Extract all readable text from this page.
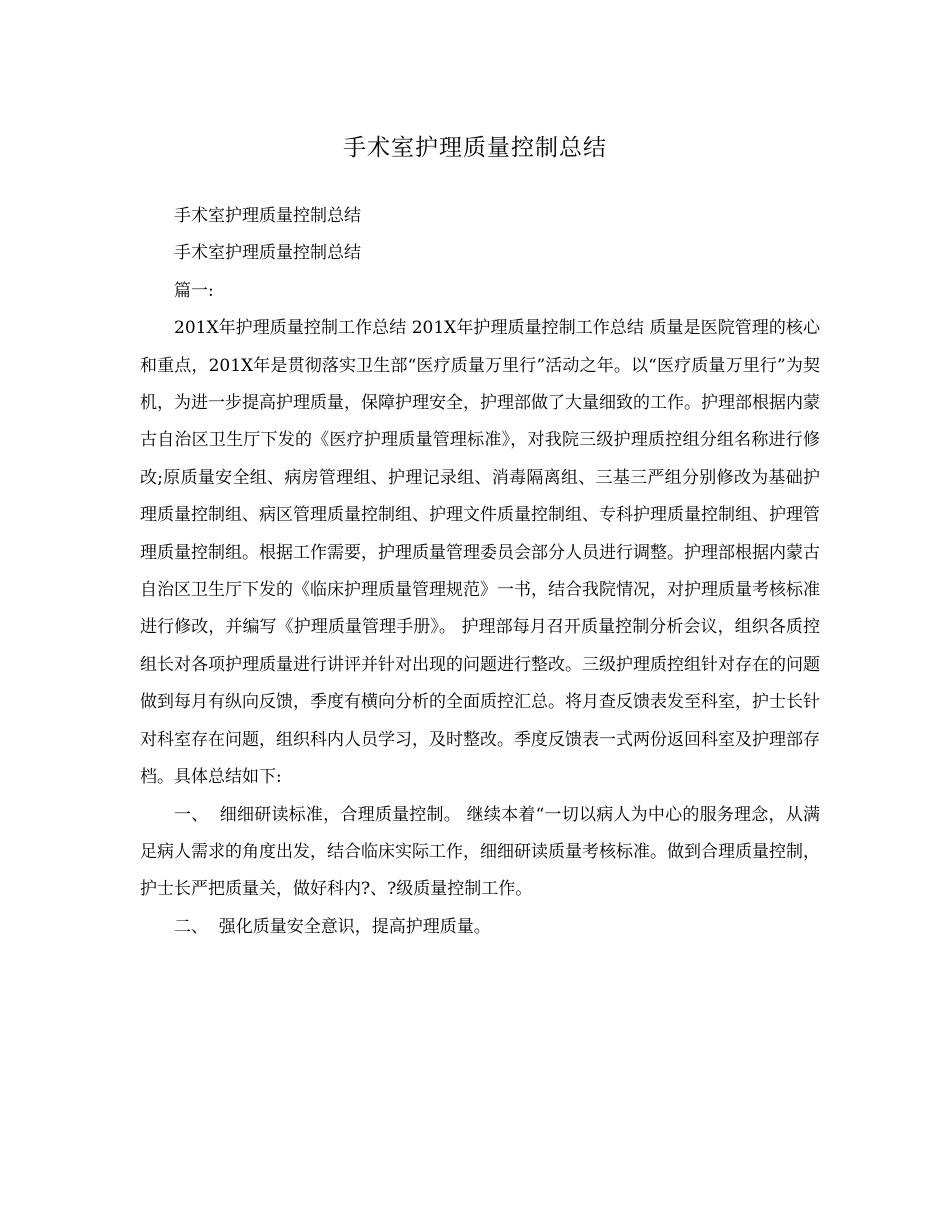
手术室护理质量控制总结

手术室护理质量控制总结

手术室护理质量控制总结

篇一:

201X年护理质量控制工作总结 201X年护理质量控制工作总结 质量是医院管理的核心和重点，201X年是贯彻落实卫生部“医疗质量万里行”活动之年。以“医疗质量万里行”为契机，为进一步提高护理质量，保障护理安全，护理部做了大量细致的工作。护理部根据内蒙古自治区卫生厅下发的《医疗护理质量管理标准》，对我院三级护理质控组分组名称进行修改;原质量安全组、病房管理组、护理记录组、消毒隔离组、三基三严组分别修改为基础护理质量控制组、病区管理质量控制组、护理文件质量控制组、专科护理质量控制组、护理管理质量控制组。根据工作需要，护理质量管理委员会部分人员进行调整。护理部根据内蒙古自治区卫生厅下发的《临床护理质量管理规范》一书，结合我院情况，对护理质量考核标准进行修改，并编写《护理质量管理手册》。 护理部每月召开质量控制分析会议，组织各质控组长对各项护理质量进行讲评并针对出现的问题进行整改。三级护理质控组针对存在的问题做到每月有纵向反馈，季度有横向分析的全面质控汇总。将月查反馈表发至科室，护士长针对科室存在问题，组织科内人员学习，及时整改。季度反馈表一式两份返回科室及护理部存档。具体总结如下:

一、  细细研读标准，合理质量控制。 继续本着“一切以病人为中心的服务理念，从满足病人需求的角度出发，结合临床实际工作，细细研读质量考核标准。做到合理质量控制，护士长严把质量关，做好科内?、?级质量控制工作。

二、  强化质量安全意识，提高护理质量。
